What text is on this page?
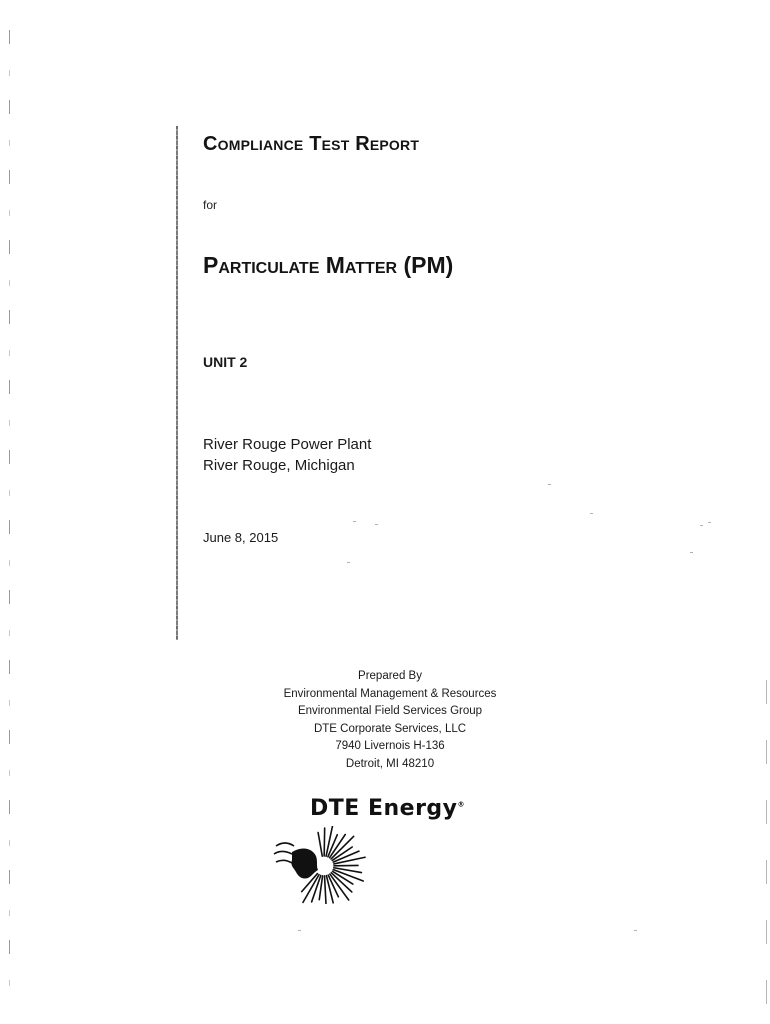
Compliance Test Report

for

Particulate Matter (PM)

UNIT 2

River Rouge Power Plant
River Rouge, Michigan

June 8, 2015

Prepared By
Environmental Management & Resources
Environmental Field Services Group
DTE Corporate Services, LLC
7940 Livernois H-136
Detroit, MI 48210
DTE Energy®
